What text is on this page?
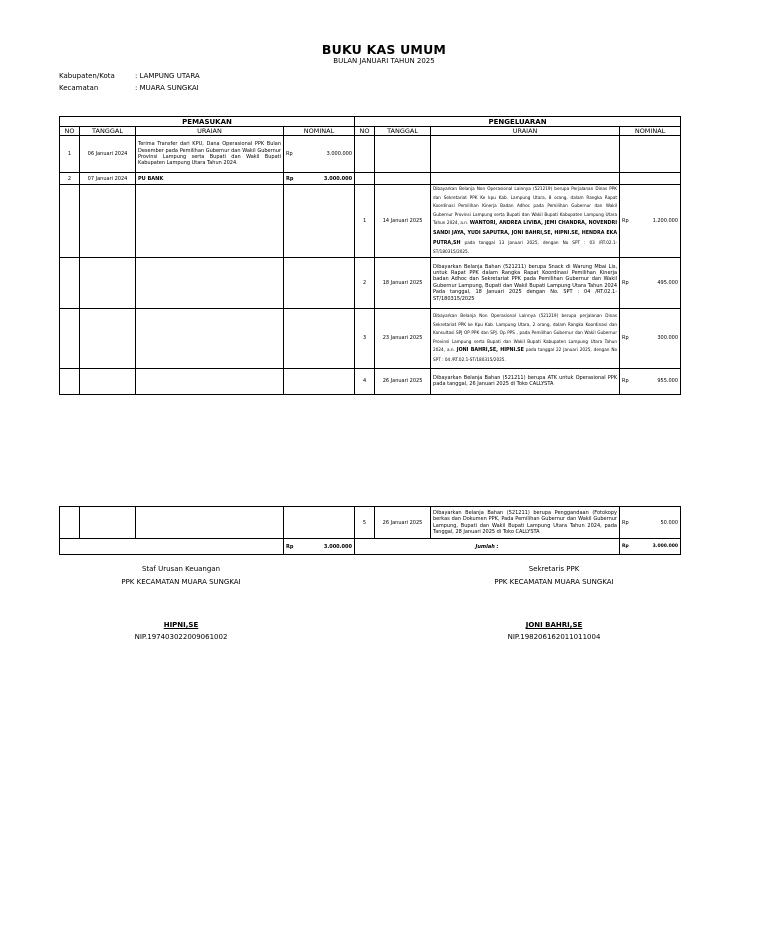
BUKU KAS UMUM
BULAN JANUARI TAHUN 2025
Kabupaten/Kota	: LAMPUNG UTARA
Kecamatan	: MUARA SUNGKAI
PEMASUKAN				PENGELUARAN			
NO	TANGGAL	URAIAN	NOMINAL	NO	TANGGAL	URAIAN	NOMINAL
1	06 Januari 2024	Terima Transfer dari KPU, Dana Operasional PPK Bulan Desember pada Pemilihan Gubernur dan Wakil Gubernur Provinsi Lampung serta Bupati dan Wakil Bupati Kabupaten Lampung Utara Tahun 2024.	Rp 3.000.000				

2	07 Januari 2024	PU BANK	Rp 3.000.000				

				1	14 Januari 2025	Dibayarkan Belanja Non Operasional Lainnya (521219) berupa Perjalanan Dinas PPK dan Sekretariat PPK Ke kpu Kab. Lampung Utara, 8 orang, dalam Rangka Rapat Koordinasi Pemilihan Kinerja Badan Adhoc pada Pemilihan Gubernur dan Wakil Gubernur Provinsi Lampung serta Bupati dan Wakil Bupati Kabupaten Lampung Utara Tahun 2024, a.n. WANTORI, ANDREA LIVIBA, JEMI CHANDRA, NOVENDRI SANDI JAYA, YUDI SAPUTRA, JONI BAHRI,SE, HIPNI.SE, HENDRA EKA PUTRA,SH pada tanggal 13 Januari 2025, dengan No SPT : 03 /RT.02.1-ST/180315/2025.	Rp 1.200.000

				2	18 Januari 2025	Dibayarkan Belanja Bahan (521211) berupa Snack di Warung Mbai Lis, untuk Rapat PPK dalam Rangka Rapat Koordinasi Pemilihan Kinerja badan Adhoc dan Sekretariat PPK pada Pemilihan Gubernur dan Wakil Gubernur Lampung, Bupati dan Wakil Bupati Lampung Utara Tahun 2024 Pada tanggal, 18 Januari 2025 dengan No. SPT : 04 /RT.02.1-ST/180315/2025	Rp 495.000

				3	23 Januari 2025	Dibayarkan Belanja Non Operasional Lainnya (521219) berupa perjalanan Dinas Sekretariat PPK ke Kpu Kab. Lampung Utara, 2 orang, dalam Rangka Koordinasi dan Konsultasi SPJ OP PPK dan SPJ. Op PPS , pada Pemilihan Gubernur dan Wakil Gubernur Provinsi Lampung serta Bupati dan Wakil Bupati Kabupaten Lampung Utara Tahun 2024, a.n. JONI BAHRI,SE, HIPNI.SE pada tanggal 22 Januari 2025, dengan No SPT : 04 /RT.02.1-ST/180315/2025.	Rp 300.000

				4	26 Januari 2025	Dibayarkan Belanja Bahan (521211) berupa ATK untuk Operasional PPK pada tanggal, 26 Januari 2025 di Toko CALLYSTA	Rp 955.000
				5	26 Januari 2025	Dibayarkan Belanja Bahan (521211) berupa Penggandaan (Fotokopy berkas dan Dokumen PPK, Pada Pemilihan Gubernur dan Wakil Gubernur Lampung, Bupati dan Wakil Bupati Lampung Utara Tahun 2024, pada Tanggal, 28 Januari 2025 di Toko CALLYSTA	Rp 50.000

			Rp 3.000.000	Jumlah :			Rp 3.000.000
Staf Urusan Keuangan
PPK KECAMATAN MUARA SUNGKAI
HIPNI,SE
NIP.197403022009061002
Sekretaris PPK
PPK KECAMATAN MUARA SUNGKAI
JONI BAHRI,SE
NIP.198206162011011004
